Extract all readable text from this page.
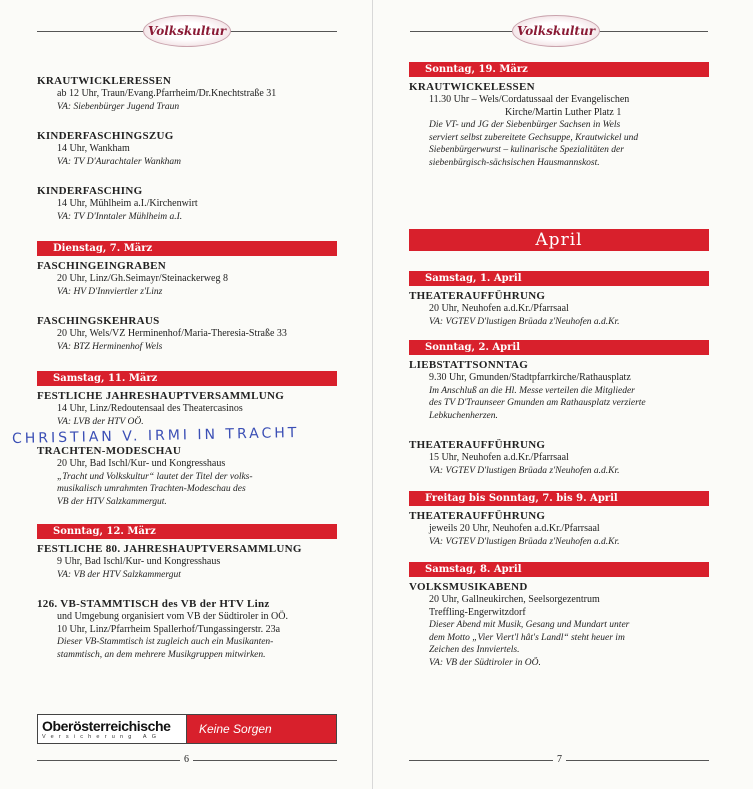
Volkskultur
KRAUTWICKLERESSEN
ab 12 Uhr, Traun/Evang.Pfarrheim/Dr.Knechtstraße 31
VA: Siebenbürger Jugend Traun
KINDERFASCHINGSZUG
14 Uhr, Wankham
VA: TV D'Aurachtaler Wankham
KINDERFASCHING
14 Uhr, Mühlheim a.I./Kirchenwirt
VA: TV D'Inntaler Mühlheim a.I.
Dienstag, 7. März
FASCHINGEINGRABEN
20 Uhr, Linz/Gh.Seimayr/Steinackerweg 8
VA: HV D'Innviertler z'Linz
FASCHINGSKEHRAUS
20 Uhr, Wels/VZ Herminenhof/Maria-Theresia-Straße 33
VA: BTZ Herminenhof Wels
Samstag, 11. März
FESTLICHE JAHRESHAUPTVERSAMMLUNG
14 Uhr, Linz/Redoutensaal des Theatercasinos
VA: LVB der HTV OÖ.
TRACHTEN-MODESCHAU
20 Uhr, Bad Ischl/Kur- und Kongresshaus
„Tracht und Volkskultur“ lautet der Titel der volks-
musikalisch umrahmten Trachten-Modeschau des
VB der HTV Salzkammergut.
Sonntag, 12. März
FESTLICHE 80. JAHRESHAUPTVERSAMMLUNG
9 Uhr, Bad Ischl/Kur- und Kongresshaus
VA: VB der HTV Salzkammergut
126. VB-STAMMTISCH des VB der HTV Linz
und Umgebung organisiert vom VB der Südtiroler in OÖ.
10 Uhr, Linz/Pfarrheim Spallerhof/Tungassingerstr. 23a
Dieser VB-Stammtisch ist zugleich auch ein Musikanten-
stammtisch, an dem mehrere Musikgruppen mitwirken.
CHRISTIAN V. IRMI IN TRACHT
Oberösterreichische
Versicherung AG
Keine Sorgen
6
Volkskultur
Sonntag, 19. März
KRAUTWICKELESSEN
11.30 Uhr – Wels/Cordatussaal der Evangelischen
Kirche/Martin Luther Platz 1
Die VT- und JG der Siebenbürger Sachsen in Wels
serviert selbst zubereitete Gechsuppe, Krautwickel und
Siebenbürgerwurst – kulinarische Spezialitäten der
siebenbürgisch-sächsischen Hausmannskost.
April
Samstag, 1. April
THEATERAUFFÜHRUNG
20 Uhr, Neuhofen a.d.Kr./Pfarrsaal
VA: VGTEV D'lustigen Brüada z'Neuhofen a.d.Kr.
Sonntag, 2. April
LIEBSTATTSONNTAG
9.30 Uhr, Gmunden/Stadtpfarrkirche/Rathausplatz
Im Anschluß an die Hl. Messe verteilen die Mitglieder
des TV D'Traunseer Gmunden am Rathausplatz verzierte
Lebkuchenherzen.
THEATERAUFFÜHRUNG
15 Uhr, Neuhofen a.d.Kr./Pfarrsaal
VA: VGTEV D'lustigen Brüada z'Neuhofen a.d.Kr.
Freitag bis Sonntag, 7. bis 9. April
THEATERAUFFÜHRUNG
jeweils 20 Uhr, Neuhofen a.d.Kr./Pfarrsaal
VA: VGTEV D'lustigen Brüada z'Neuhofen a.d.Kr.
Samstag, 8. April
VOLKSMUSIKABEND
20 Uhr, Gallneukirchen, Seelsorgezentrum
Treffling-Engerwitzdorf
Dieser Abend mit Musik, Gesang und Mundart unter
dem Motto „Vier Viert'l hât's Landl“ steht heuer im
Zeichen des Innviertels.
VA: VB der Südtiroler in OÖ.
7
